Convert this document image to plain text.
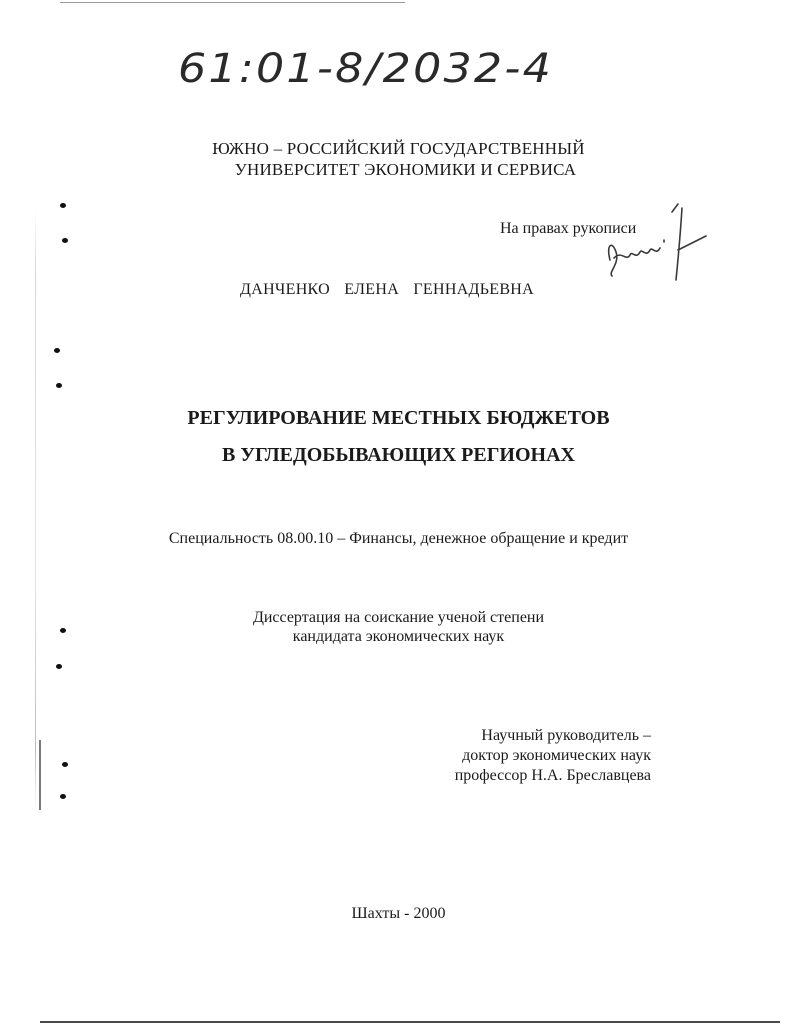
61:01-8/2032-4
ЮЖНО – РОССИЙСКИЙ ГОСУДАРСТВЕННЫЙ
УНИВЕРСИТЕТ ЭКОНОМИКИ И СЕРВИСА
На правах рукописи
ДАНЧЕНКО ЕЛЕНА ГЕННАДЬЕВНА
РЕГУЛИРОВАНИЕ МЕСТНЫХ БЮДЖЕТОВ
В УГЛЕДОБЫВАЮЩИХ РЕГИОНАХ
Специальность 08.00.10 – Финансы, денежное обращение и кредит
Диссертация на соискание ученой степени
кандидата экономических наук
Научный руководитель –
доктор экономических наук
профессор Н.А. Бреславцева
Шахты - 2000
